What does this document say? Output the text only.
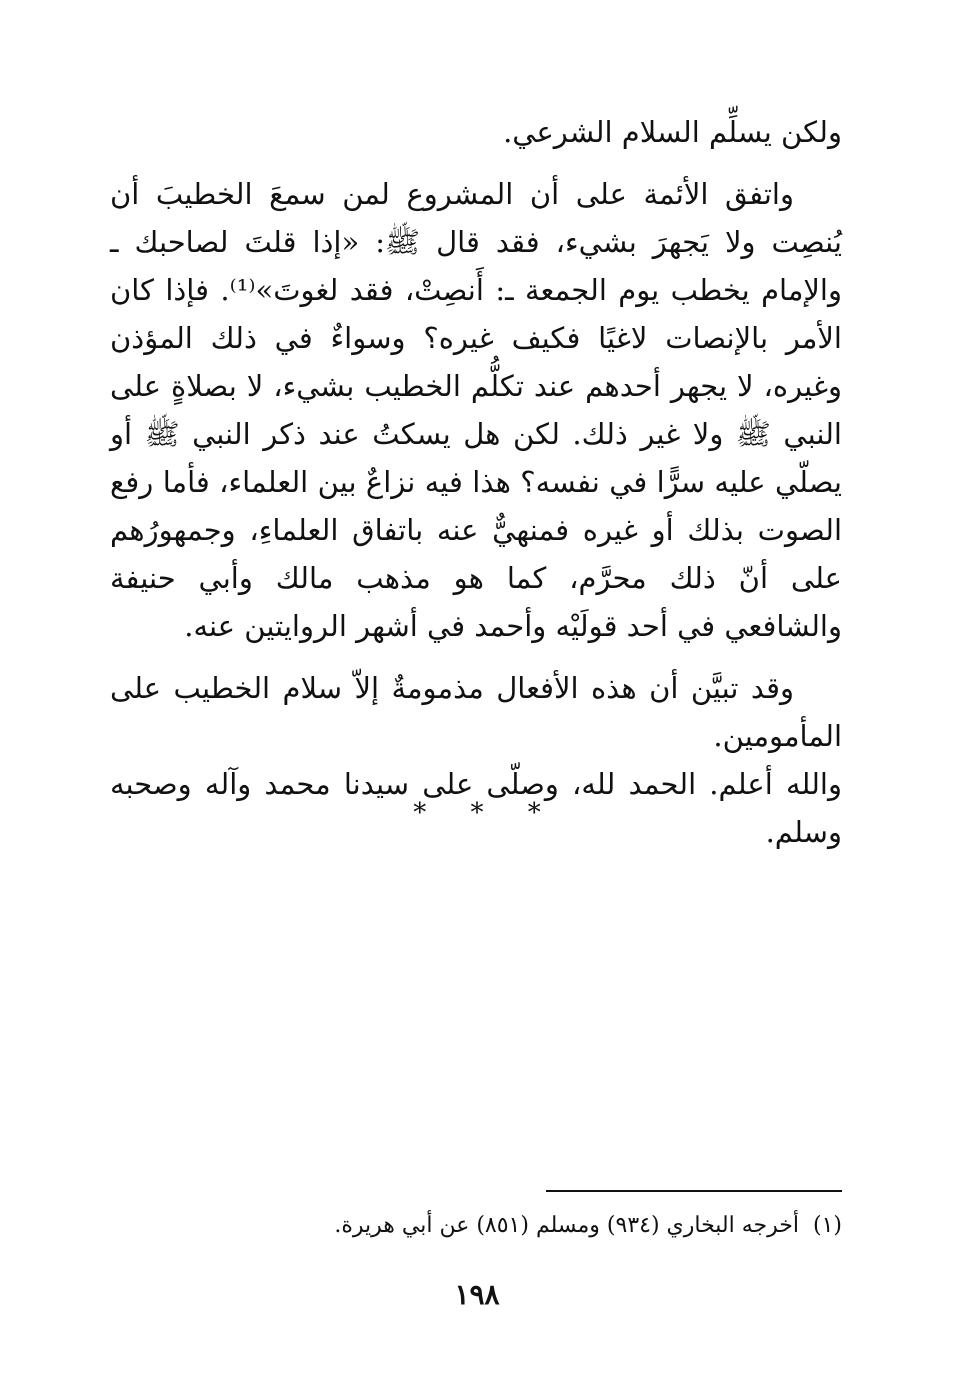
ولكن يسلِّم السلام الشرعي.

واتفق الأئمة على أن المشروع لمن سمعَ الخطيبَ أن يُنصِت ولا يَجهرَ بشيء، فقد قال ﷺ: «إذا قلتَ لصاحبك ـ والإمام يخطب يوم الجمعة ـ: أَنصِتْ، فقد لغوتَ»⁽¹⁾. فإذا كان الأمر بالإنصات لاغيًا فكيف غيره؟ وسواءٌ في ذلك المؤذن وغيره، لا يجهر أحدهم عند تكلُّم الخطيب بشيء، لا بصلاةٍ على النبي ﷺ ولا غير ذلك. لكن هل يسكتُ عند ذكر النبي ﷺ أو يصلّي عليه سرًّا في نفسه؟ هذا فيه نزاعٌ بين العلماء، فأما رفع الصوت بذلك أو غيره فمنهيٌّ عنه باتفاق العلماءِ، وجمهورُهم على أنّ ذلك محرَّم، كما هو مذهب مالك وأبي حنيفة والشافعي في أحد قولَيْه وأحمد في أشهر الروايتين عنه.

وقد تبيَّن أن هذه الأفعال مذمومةٌ إلاّ سلام الخطيب على المأمومين.

والله أعلم. الحمد لله، وصلّى على سيدنا محمد وآله وصحبه وسلم.

* * *
(١)أخرجه البخاري (٩٣٤) ومسلم (٨٥١) عن أبي هريرة.
١٩٨
